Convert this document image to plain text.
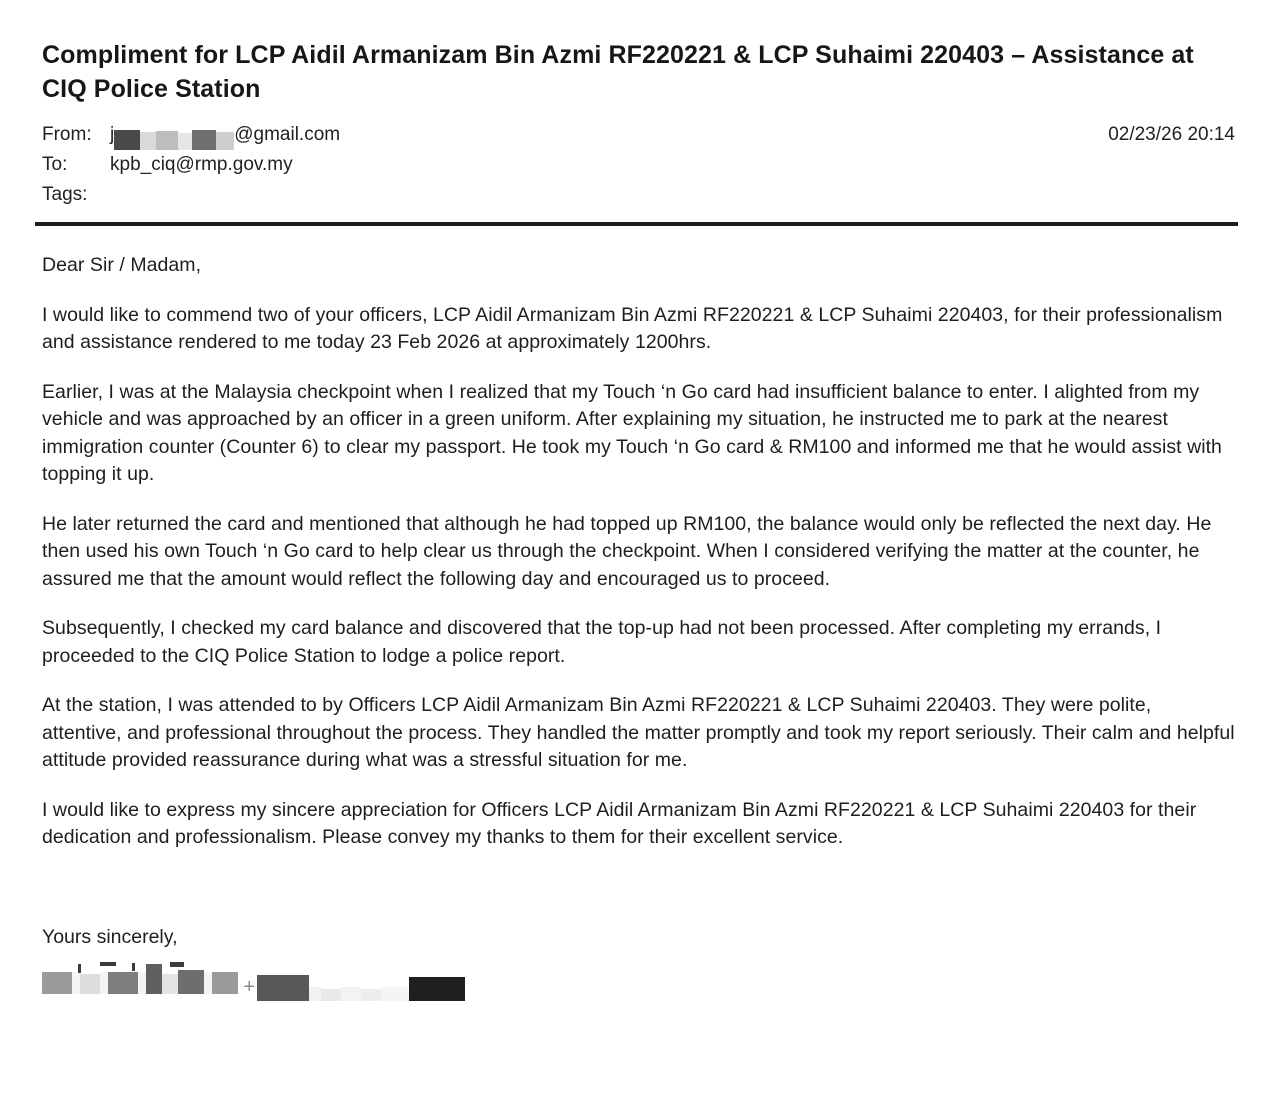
Compliment for LCP Aidil Armanizam Bin Azmi RF220221 & LCP Suhaimi 220403 – Assistance at CIQ Police Station
From: j	@gmail.com	02/23/26 20:14
To:	kpb_ciq@rmp.gov.my
Tags:

Dear Sir / Madam,

I would like to commend two of your officers, LCP Aidil Armanizam Bin Azmi RF220221 & LCP Suhaimi 220403, for their professionalism and assistance rendered to me today 23 Feb 2026 at approximately 1200hrs.

Earlier, I was at the Malaysia checkpoint when I realized that my Touch ‘n Go card had insufficient balance to enter. I alighted from my vehicle and was approached by an officer in a green uniform. After explaining my situation, he instructed me to park at the nearest immigration counter (Counter 6) to clear my passport. He took my Touch ‘n Go card & RM100 and informed me that he would assist with topping it up.

He later returned the card and mentioned that although he had topped up RM100, the balance would only be reflected the next day. He then used his own Touch ‘n Go card to help clear us through the checkpoint. When I considered verifying the matter at the counter, he assured me that the amount would reflect the following day and encouraged us to proceed.

Subsequently, I checked my card balance and discovered that the top-up had not been processed. After completing my errands, I proceeded to the CIQ Police Station to lodge a police report.

At the station, I was attended to by Officers LCP Aidil Armanizam Bin Azmi RF220221 & LCP Suhaimi 220403. They were polite, attentive, and professional throughout the process. They handled the matter promptly and took my report seriously. Their calm and helpful attitude provided reassurance during what was a stressful situation for me.

I would like to express my sincere appreciation for Officers LCP Aidil Armanizam Bin Azmi RF220221 & LCP Suhaimi 220403 for their dedication and professionalism. Please convey my thanks to them for their excellent service.

Yours sincerely,

+
